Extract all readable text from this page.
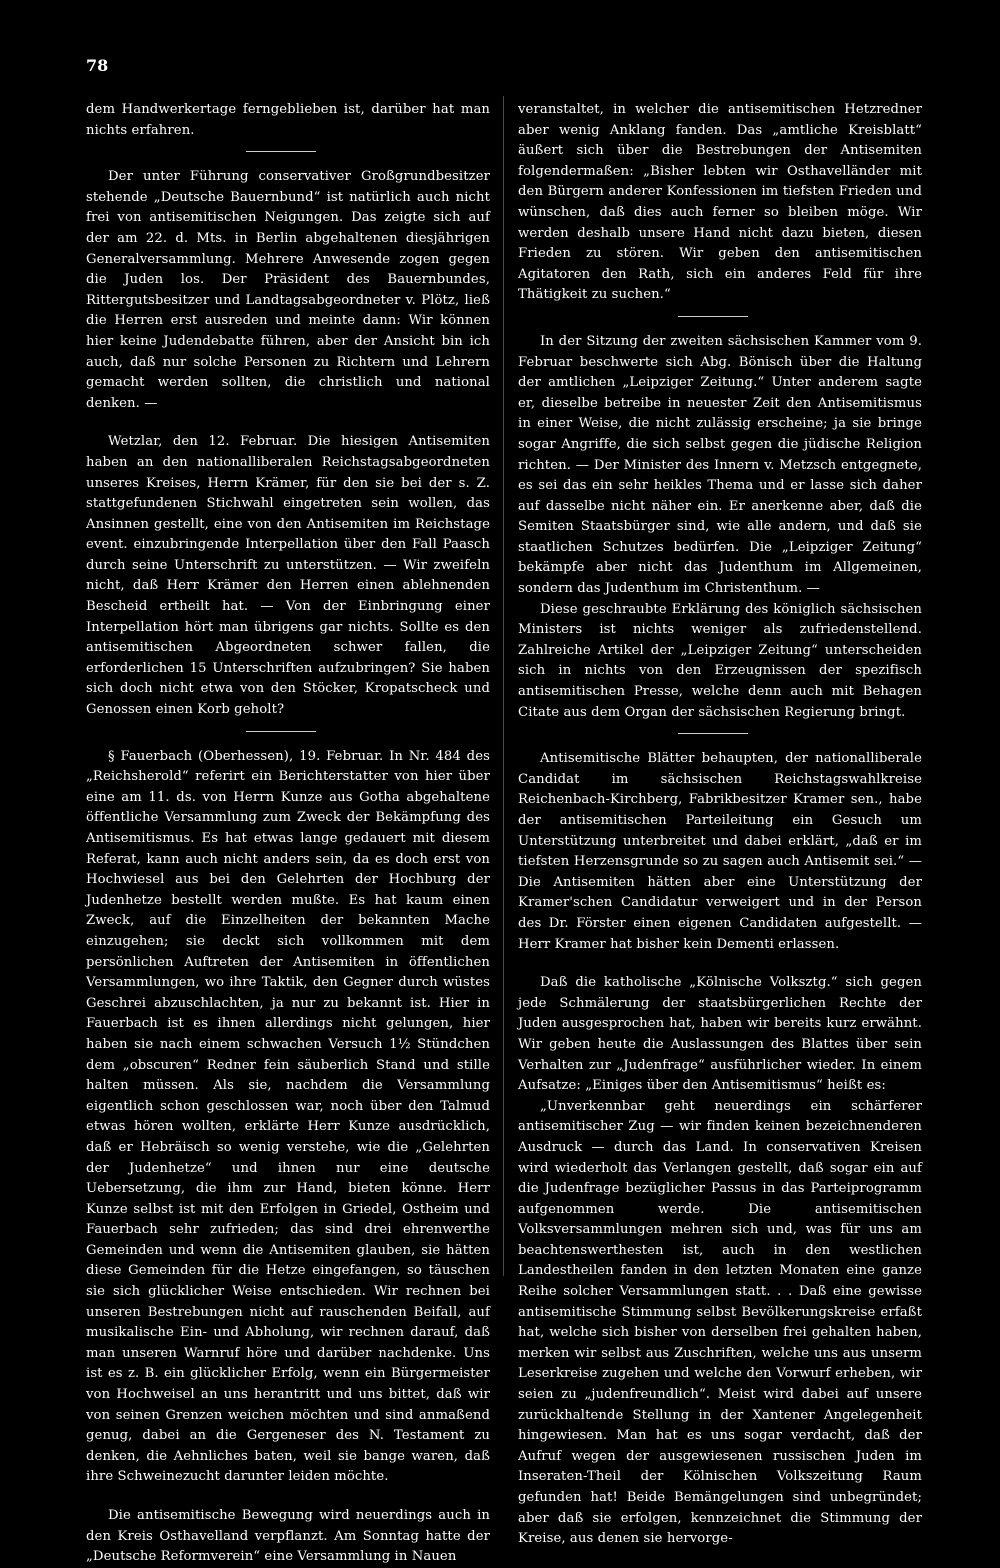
78

dem Handwerkertage ferngeblieben ist, darüber hat man nichts erfahren.

Der unter Führung conservativer Großgrundbesitzer stehende „Deutsche Bauernbund“ ist natürlich auch nicht frei von antisemitischen Neigungen. Das zeigte sich auf der am 22. d. Mts. in Berlin abgehaltenen diesjährigen Generalversammlung. Mehrere Anwesende zogen gegen die Juden los. Der Präsident des Bauernbundes, Rittergutsbesitzer und Landtagsabgeordneter v. Plötz, ließ die Herren erst ausreden und meinte dann: Wir können hier keine Judendebatte führen, aber der Ansicht bin ich auch, daß nur solche Personen zu Richtern und Lehrern gemacht werden sollten, die christlich und national denken. —

Wetzlar, den 12. Februar. Die hiesigen Antisemiten haben an den nationalliberalen Reichstagsabgeordneten unseres Kreises, Herrn Krämer, für den sie bei der s. Z. stattgefundenen Stichwahl eingetreten sein wollen, das Ansinnen gestellt, eine von den Antisemiten im Reichstage event. einzubringende Interpellation über den Fall Paasch durch seine Unterschrift zu unterstützen. — Wir zweifeln nicht, daß Herr Krämer den Herren einen ablehnenden Bescheid ertheilt hat. — Von der Einbringung einer Interpellation hört man übrigens gar nichts. Sollte es den antisemitischen Abgeordneten schwer fallen, die erforderlichen 15 Unterschriften aufzubringen? Sie haben sich doch nicht etwa von den Stöcker, Kropatscheck und Genossen einen Korb geholt?

§ Fauerbach (Oberhessen), 19. Februar. In Nr. 484 des „Reichsherold“ referirt ein Berichterstatter von hier über eine am 11. ds. von Herrn Kunze aus Gotha abgehaltene öffentliche Versammlung zum Zweck der Bekämpfung des Antisemitismus. Es hat etwas lange gedauert mit diesem Referat, kann auch nicht anders sein, da es doch erst von Hochwiesel aus bei den Gelehrten der Hochburg der Judenhetze bestellt werden mußte. Es hat kaum einen Zweck, auf die Einzelheiten der bekannten Mache einzugehen; sie deckt sich vollkommen mit dem persönlichen Auftreten der Antisemiten in öffentlichen Versammlungen, wo ihre Taktik, den Gegner durch wüstes Geschrei abzuschlachten, ja nur zu bekannt ist. Hier in Fauerbach ist es ihnen allerdings nicht gelungen, hier haben sie nach einem schwachen Versuch 1½ Stündchen dem „obscuren“ Redner fein säuberlich Stand und stille halten müssen. Als sie, nachdem die Versammlung eigentlich schon geschlossen war, noch über den Talmud etwas hören wollten, erklärte Herr Kunze ausdrücklich, daß er Hebräisch so wenig verstehe, wie die „Gelehrten der Judenhetze“ und ihnen nur eine deutsche Uebersetzung, die ihm zur Hand, bieten könne. Herr Kunze selbst ist mit den Erfolgen in Griedel, Ostheim und Fauerbach sehr zufrieden; das sind drei ehrenwerthe Gemeinden und wenn die Antisemiten glauben, sie hätten diese Gemeinden für die Hetze eingefangen, so täuschen sie sich glücklicher Weise entschieden. Wir rechnen bei unseren Bestrebungen nicht auf rauschenden Beifall, auf musikalische Ein- und Abholung, wir rechnen darauf, daß man unseren Warnruf höre und darüber nachdenke. Uns ist es z. B. ein glücklicher Erfolg, wenn ein Bürgermeister von Hochweisel an uns herantritt und uns bittet, daß wir von seinen Grenzen weichen möchten und sind anmaßend genug, dabei an die Gergeneser des N. Testament zu denken, die Aehnliches baten, weil sie bange waren, daß ihre Schweinezucht darunter leiden möchte.

Die antisemitische Bewegung wird neuerdings auch in den Kreis Osthavelland verpflanzt. Am Sonntag hatte der „Deutsche Reformverein“ eine Versammlung in Nauen

veranstaltet, in welcher die antisemitischen Hetzredner aber wenig Anklang fanden. Das „amtliche Kreisblatt“ äußert sich über die Bestrebungen der Antisemiten folgendermaßen: „Bisher lebten wir Osthavelländer mit den Bürgern anderer Konfessionen im tiefsten Frieden und wünschen, daß dies auch ferner so bleiben möge. Wir werden deshalb unsere Hand nicht dazu bieten, diesen Frieden zu stören. Wir geben den antisemitischen Agitatoren den Rath, sich ein anderes Feld für ihre Thätigkeit zu suchen.“

In der Sitzung der zweiten sächsischen Kammer vom 9. Februar beschwerte sich Abg. Bönisch über die Haltung der amtlichen „Leipziger Zeitung.“ Unter anderem sagte er, dieselbe betreibe in neuester Zeit den Antisemitismus in einer Weise, die nicht zulässig erscheine; ja sie bringe sogar Angriffe, die sich selbst gegen die jüdische Religion richten. — Der Minister des Innern v. Metzsch entgegnete, es sei das ein sehr heikles Thema und er lasse sich daher auf dasselbe nicht näher ein. Er anerkenne aber, daß die Semiten Staatsbürger sind, wie alle andern, und daß sie staatlichen Schutzes bedürfen. Die „Leipziger Zeitung“ bekämpfe aber nicht das Judenthum im Allgemeinen, sondern das Judenthum im Christenthum. —

Diese geschraubte Erklärung des königlich sächsischen Ministers ist nichts weniger als zufriedenstellend. Zahlreiche Artikel der „Leipziger Zeitung“ unterscheiden sich in nichts von den Erzeugnissen der spezifisch antisemitischen Presse, welche denn auch mit Behagen Citate aus dem Organ der sächsischen Regierung bringt.

Antisemitische Blätter behaupten, der nationalliberale Candidat im sächsischen Reichstagswahlkreise Reichenbach-Kirchberg, Fabrikbesitzer Kramer sen., habe der antisemitischen Parteileitung ein Gesuch um Unterstützung unterbreitet und dabei erklärt, „daß er im tiefsten Herzensgrunde so zu sagen auch Antisemit sei.“ — Die Antisemiten hätten aber eine Unterstützung der Kramer'schen Candidatur verweigert und in der Person des Dr. Förster einen eigenen Candidaten aufgestellt. — Herr Kramer hat bisher kein Dementi erlassen.

Daß die katholische „Kölnische Volksztg.“ sich gegen jede Schmälerung der staatsbürgerlichen Rechte der Juden ausgesprochen hat, haben wir bereits kurz erwähnt. Wir geben heute die Auslassungen des Blattes über sein Verhalten zur „Judenfrage“ ausführlicher wieder. In einem Aufsatze: „Einiges über den Antisemitismus“ heißt es:

„Unverkennbar geht neuerdings ein schärferer antisemitischer Zug — wir finden keinen bezeichnenderen Ausdruck — durch das Land. In conservativen Kreisen wird wiederholt das Verlangen gestellt, daß sogar ein auf die Judenfrage bezüglicher Passus in das Parteiprogramm aufgenommen werde. Die antisemitischen Volksversammlungen mehren sich und, was für uns am beachtenswerthesten ist, auch in den westlichen Landestheilen fanden in den letzten Monaten eine ganze Reihe solcher Versammlungen statt. . . Daß eine gewisse antisemitische Stimmung selbst Bevölkerungskreise erfaßt hat, welche sich bisher von derselben frei gehalten haben, merken wir selbst aus Zuschriften, welche uns aus unserm Leserkreise zugehen und welche den Vorwurf erheben, wir seien zu „judenfreundlich“. Meist wird dabei auf unsere zurückhaltende Stellung in der Xantener Angelegenheit hingewiesen. Man hat es uns sogar verdacht, daß der Aufruf wegen der ausgewiesenen russischen Juden im Inseraten-Theil der Kölnischen Volkszeitung Raum gefunden hat! Beide Bemängelungen sind unbegründet; aber daß sie erfolgen, kennzeichnet die Stimmung der Kreise, aus denen sie hervorge-
